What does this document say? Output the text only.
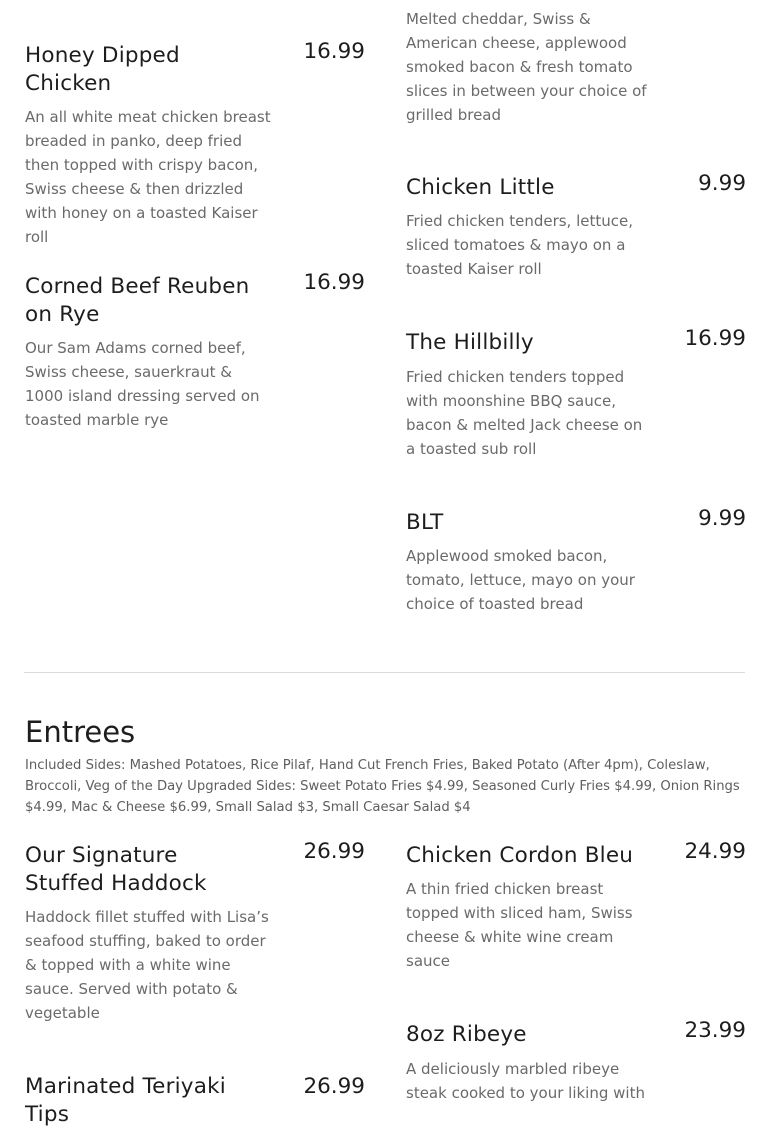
Melted cheddar, Swiss & American cheese, applewood smoked bacon & fresh tomato slices in between your choice of grilled bread
Honey Dipped Chicken
16.99
An all white meat chicken breast breaded in panko, deep fried then topped with crispy bacon, Swiss cheese & then drizzled with honey on a toasted Kaiser roll
Chicken Little	9.99
Fried chicken tenders, lettuce, sliced tomatoes & mayo on a toasted Kaiser roll
Corned Beef Reuben on Rye
16.99
Our Sam Adams corned beef, Swiss cheese, sauerkraut & 1000 island dressing served on toasted marble rye
The Hillbilly	16.99
Fried chicken tenders topped with moonshine BBQ sauce, bacon & melted Jack cheese on a toasted sub roll
BLT	9.99
Applewood smoked bacon, tomato, lettuce, mayo on your choice of toasted bread
Entrees
Included Sides: Mashed Potatoes, Rice Pilaf, Hand Cut French Fries, Baked Potato (After 4pm), Coleslaw, Broccoli, Veg of the Day Upgraded Sides: Sweet Potato Fries $4.99, Seasoned Curly Fries $4.99, Onion Rings $4.99, Mac & Cheese $6.99, Small Salad $3, Small Caesar Salad $4
Our Signature Stuffed Haddock
26.99
Haddock fillet stuffed with Lisa’s seafood stuffing, baked to order & topped with a white wine sauce. Served with potato & vegetable
Chicken Cordon Bleu	24.99
A thin fried chicken breast topped with sliced ham, Swiss cheese & white wine cream sauce
8oz Ribeye	23.99
A deliciously marbled ribeye steak cooked to your liking with
Marinated Teriyaki Tips
26.99
